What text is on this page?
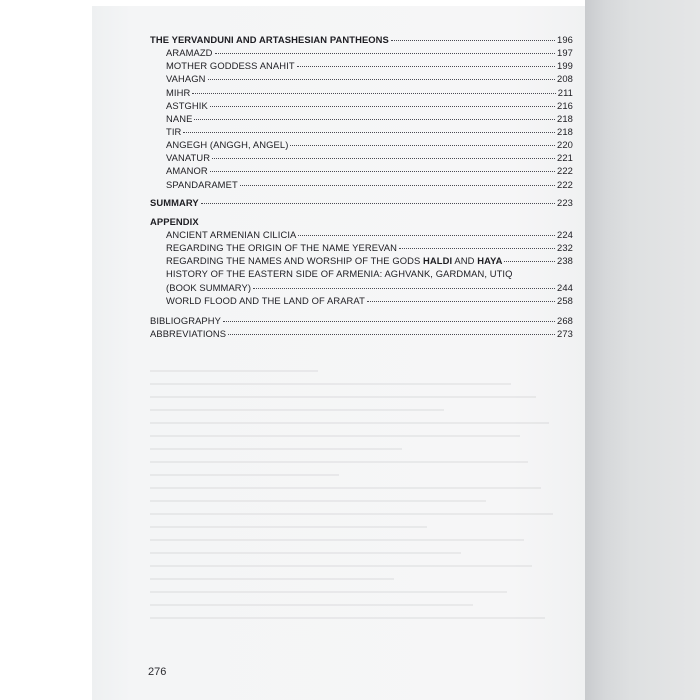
THE YERVANDUNI AND ARTASHESIAN PANTHEONS	196
ARAMAZD	197
MOTHER GODDESS ANAHIT	199
VAHAGN	208
MIHR	211
ASTGHIK	216
NANE	218
TIR	218
ANGEGH (ANGGH, ANGEL)	220
VANATUR	221
AMANOR	222
SPANDARAMET	222
SUMMARY	223
APPENDIX
ANCIENT ARMENIAN CILICIA	224
REGARDING THE ORIGIN OF THE NAME YEREVAN	232
REGARDING THE NAMES AND WORSHIP OF THE GODS HALDI AND HAYA	238
HISTORY OF THE EASTERN SIDE OF ARMENIA: AGHVANK, GARDMAN, UTIQ
(BOOK SUMMARY)	244
WORLD FLOOD AND THE LAND OF ARARAT	258
BIBLIOGRAPHY	268
ABBREVIATIONS	273
276
